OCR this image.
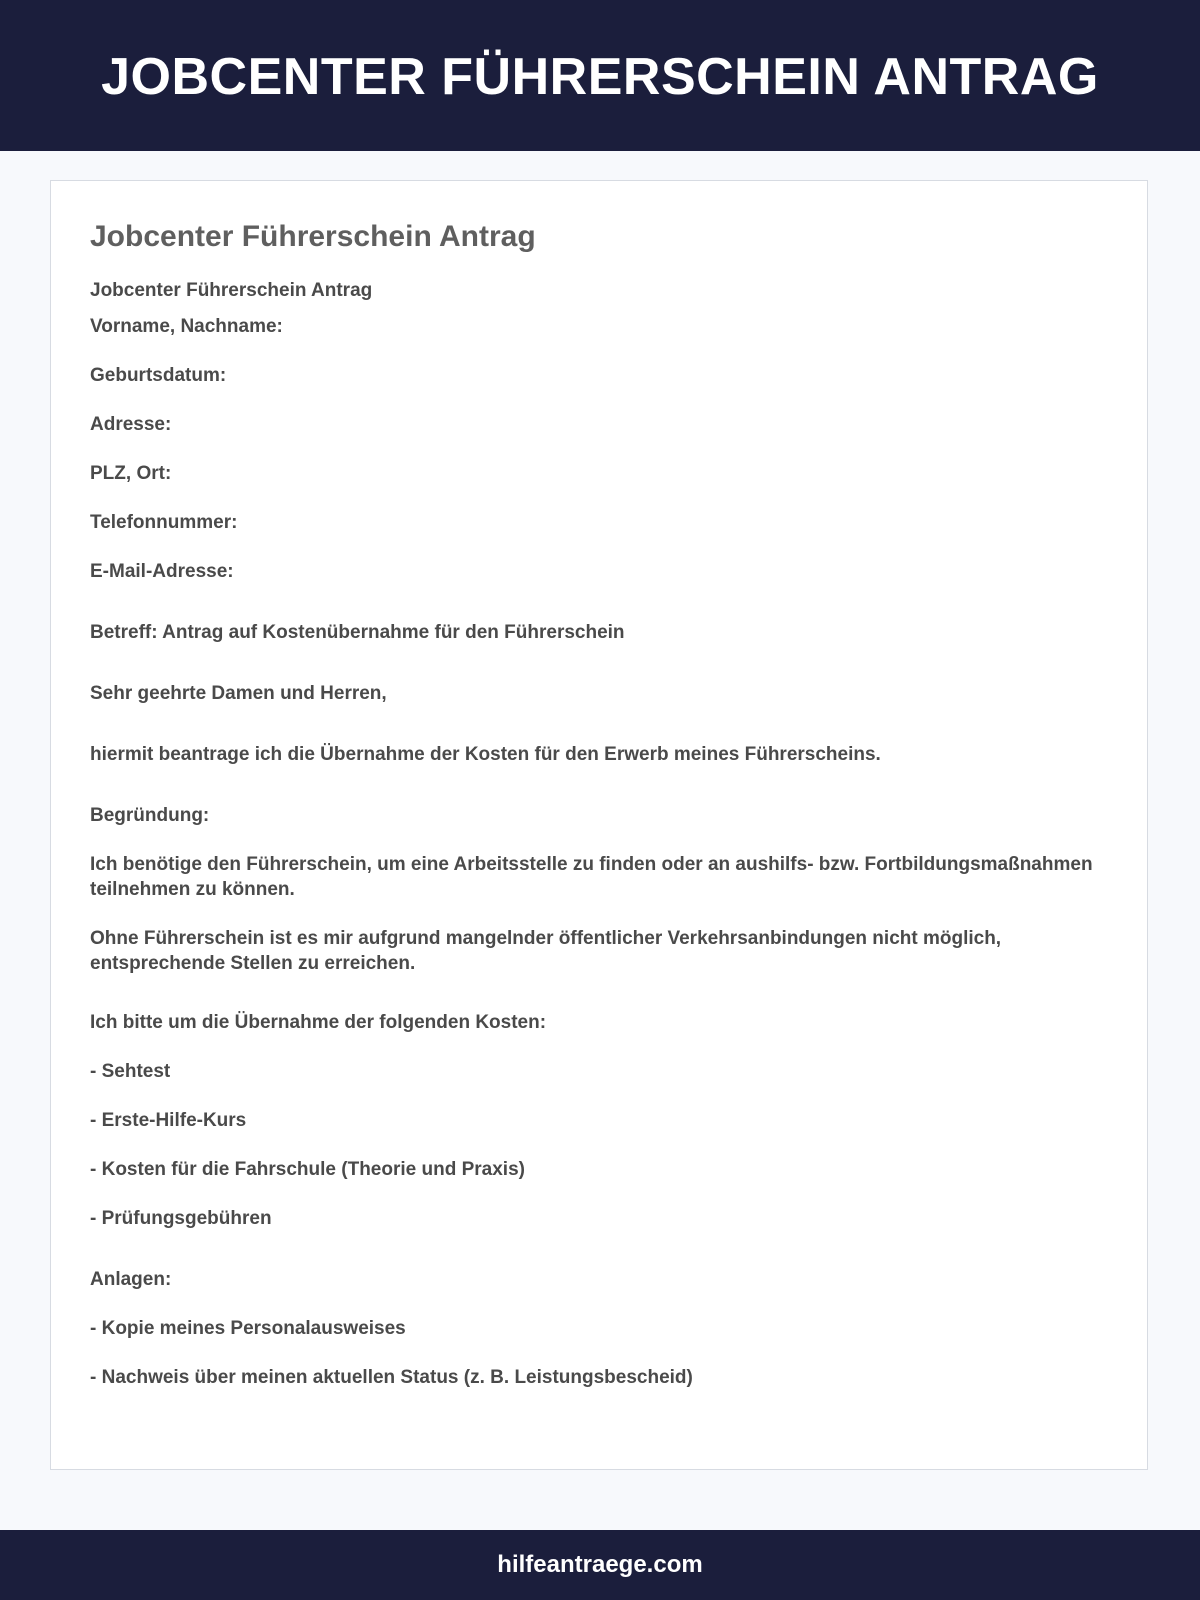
JOBCENTER FÜHRERSCHEIN ANTRAG
Jobcenter Führerschein Antrag

Jobcenter Führerschein Antrag

Vorname, Nachname:

Geburtsdatum:

Adresse:

PLZ, Ort:

Telefonnummer:

E-Mail-Adresse:

Betreff: Antrag auf Kostenübernahme für den Führerschein

Sehr geehrte Damen und Herren,

hiermit beantrage ich die Übernahme der Kosten für den Erwerb meines Führerscheins.

Begründung:

Ich benötige den Führerschein, um eine Arbeitsstelle zu finden oder an aushilfs- bzw. Fortbildungsmaßnahmen teilnehmen zu können.

Ohne Führerschein ist es mir aufgrund mangelnder öffentlicher Verkehrsanbindungen nicht möglich, entsprechende Stellen zu erreichen.

Ich bitte um die Übernahme der folgenden Kosten:

- Sehtest

- Erste-Hilfe-Kurs

- Kosten für die Fahrschule (Theorie und Praxis)

- Prüfungsgebühren

Anlagen:

- Kopie meines Personalausweises

- Nachweis über meinen aktuellen Status (z. B. Leistungsbescheid)

hilfeantraege.com
